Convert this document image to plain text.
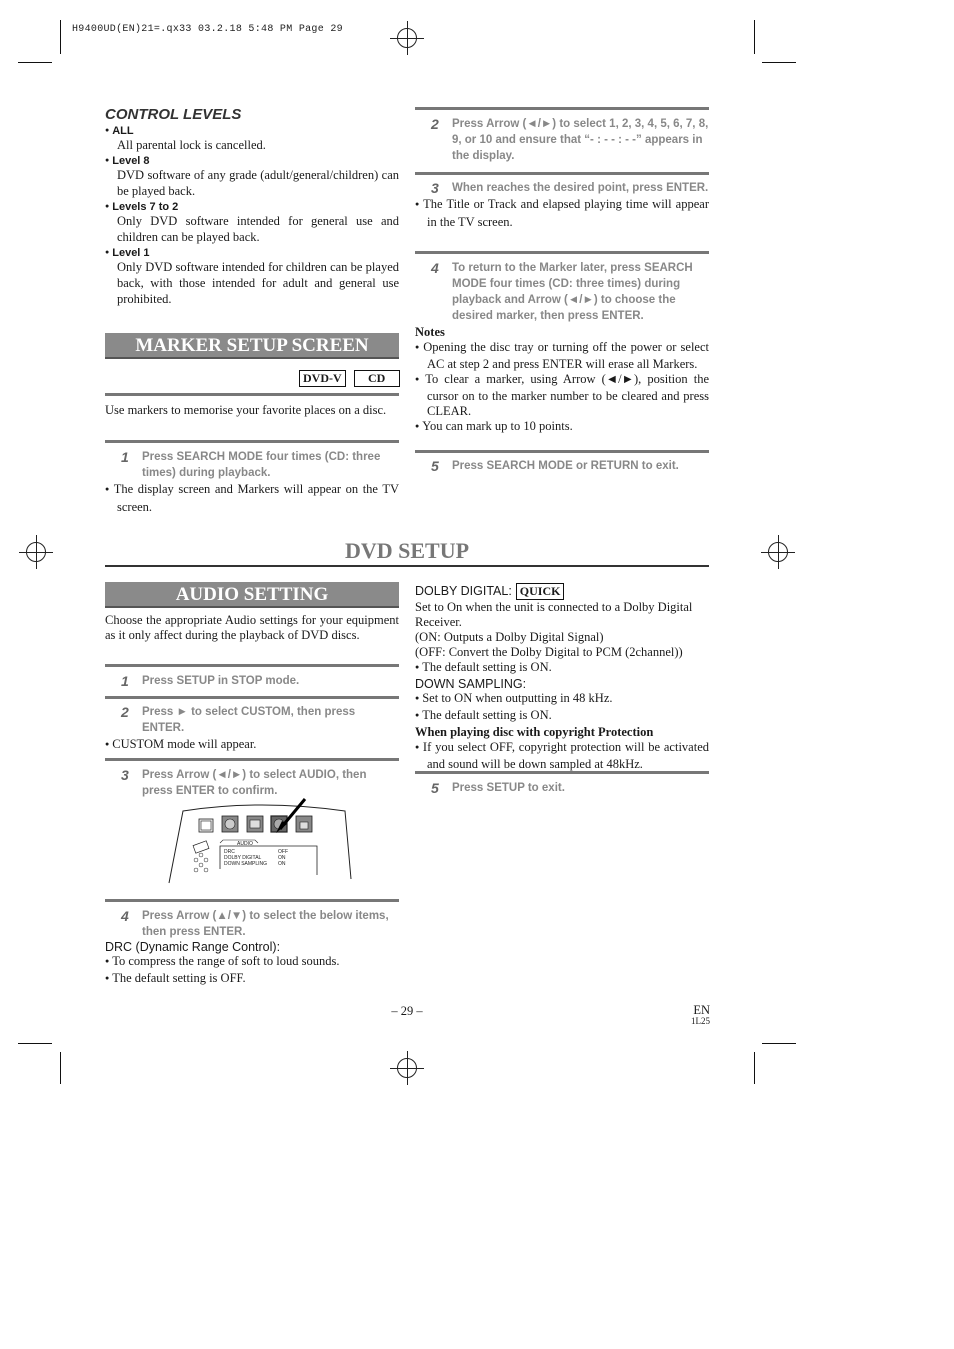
H9400UD(EN)21=.qx33 03.2.18 5:48 PM Page 29
CONTROL LEVELS
● ALL
All parental lock is cancelled.
● Level 8
DVD software of any grade (adult/general/children) can be played back.
● Levels 7 to 2
Only DVD software intended for general use and children can be played back.
● Level 1
Only DVD software intended for children can be played back, with those intended for adult and general use prohibited.
MARKER SETUP SCREEN
DVD-V CD
Use markers to memorise your favorite places on a disc.
1	Press SEARCH MODE four times (CD: three times) during playback.
● The display screen and Markers will appear on the TV screen.
2	Press Arrow (◄/►) to select 1, 2, 3, 4, 5, 6, 7, 8, 9, or 10 and ensure that “- : - - : - -” appears in the display.
3	When reaches the desired point, press ENTER.
● The Title or Track and elapsed playing time will appear in the TV screen.
4	To return to the Marker later, press SEARCH MODE four times (CD: three times) during playback and Arrow (◄/►) to choose the desired marker, then press ENTER.
Notes
● Opening the disc tray or turning off the power or select AC at step 2 and press ENTER will erase all Markers.
● To clear a marker, using Arrow (◄/►), position the cursor on to the marker number to be cleared and press CLEAR.
● You can mark up to 10 points.
5	Press SEARCH MODE or RETURN to exit.
DVD SETUP
AUDIO SETTING
Choose the appropriate Audio settings for your equipment as it only affect during the playback of DVD discs.
1	Press SETUP in STOP mode.
2	Press ► to select CUSTOM, then press ENTER.
● CUSTOM mode will appear.
3	Press Arrow (◄/►) to select AUDIO, then press ENTER to confirm.
AUDIO
DRC	OFF
DOLBY DIGITAL	ON
DOWN SAMPLING ON
4	Press Arrow (▲/▼) to select the below items, then press ENTER.
DRC (Dynamic Range Control):
● To compress the range of soft to loud sounds.
● The default setting is OFF.
DOLBY DIGITAL: QUICK
Set to On when the unit is connected to a Dolby Digital Receiver.
(ON: Outputs a Dolby Digital Signal)
(OFF: Convert the Dolby Digital to PCM (2channel))
● The default setting is ON.
DOWN SAMPLING:
● Set to ON when outputting in 48 kHz.
● The default setting is ON.
When playing disc with copyright Protection
● If you select OFF, copyright protection will be activated and sound will be down sampled at 48kHz.
5	Press SETUP to exit.
– 29 –	EN
1L25
